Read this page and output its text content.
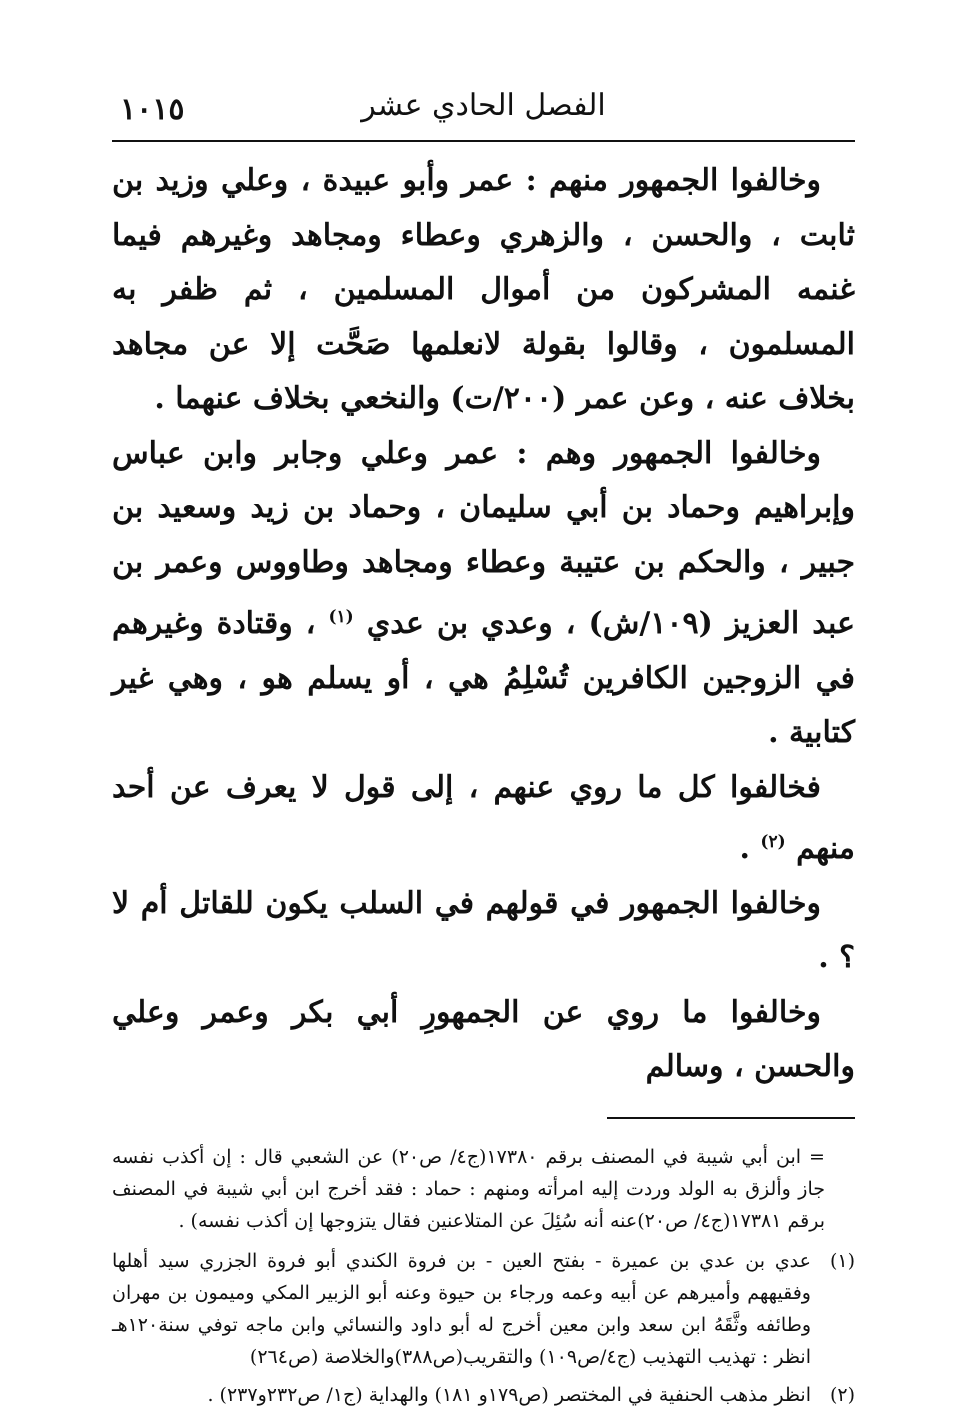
الفصل الحادي عشر
١٠١٥

وخالفوا الجمهور منهم : عمر وأبو عبيدة ، وعلي وزيد بن ثابت ، والحسن ، والزهري وعطاء ومجاهد وغيرهم فيما غنمه المشركون من أموال المسلمين ، ثم ظفر به المسلمون ، وقالوا بقولة لانعلمها صَحَّت إلا عن مجاهد بخلاف عنه ، وعن عمر (٢٠٠/ت) والنخعي بخلاف عنهما .

وخالفوا الجمهور وهم : عمر وعلي وجابر وابن عباس وإبراهيم وحماد بن أبي سليمان ، وحماد بن زيد وسعيد بن جبير ، والحكم بن عتيبة وعطاء ومجاهد وطاووس وعمر بن عبد العزيز (١٠٩/ش) ، وعدي بن عدي $^{(١)}$ ، وقتادة وغيرهم في الزوجين الكافرين تُسْلِمُ هي ، أو يسلم هو ، وهي غير كتابية .

فخالفوا كل ما روي عنهم ، إلى قول لا يعرف عن أحد منهم $^{(٢)}$ .

وخالفوا الجمهور في قولهم في السلب يكون للقاتل أم لا ؟ .

وخالفوا ما روي عن الجمهورِ أبي بكر وعمر وعلي والحسن ، وسالم

= ابن أبي شيبة في المصنف برقم ١٧٣٨٠(ج٤/ ص٢٠) عن الشعبي قال : إن أكذب نفسه جاز وألزق به الولد وردت إليه امرأته ومنهم : حماد : فقد أخرج ابن أبي شيبة في المصنف برقم ١٧٣٨١(ج٤/ ص٢٠)عنه أنه سُئِلَ عن المتلاعنين فقال يتزوجها إن أكذب نفسه) .

(١)
عدي بن عدي بن عميرة - بفتح العين - بن فروة الكندي أبو فروة الجزري سيد أهلها وفقيههم وأميرهم عن أبيه وعمه ورجاء بن حيوة وعنه أبو الزبير المكي وميمون بن مهران وطائفه وثَّقَهُ ابن سعد وابن معين أخرج له أبو داود والنسائي وابن ماجه توفي سنة١٢٠هـ انظر : تهذيب التهذيب (ج٤/ص١٠٩) والتقريب(ص٣٨٨)والخلاصة (ص٢٦٤)
(٢)
انظر مذهب الحنفية في المختصر (ص١٧٩و ١٨١) والهداية (ج١/ ص٢٣٢و٢٣٧) .
